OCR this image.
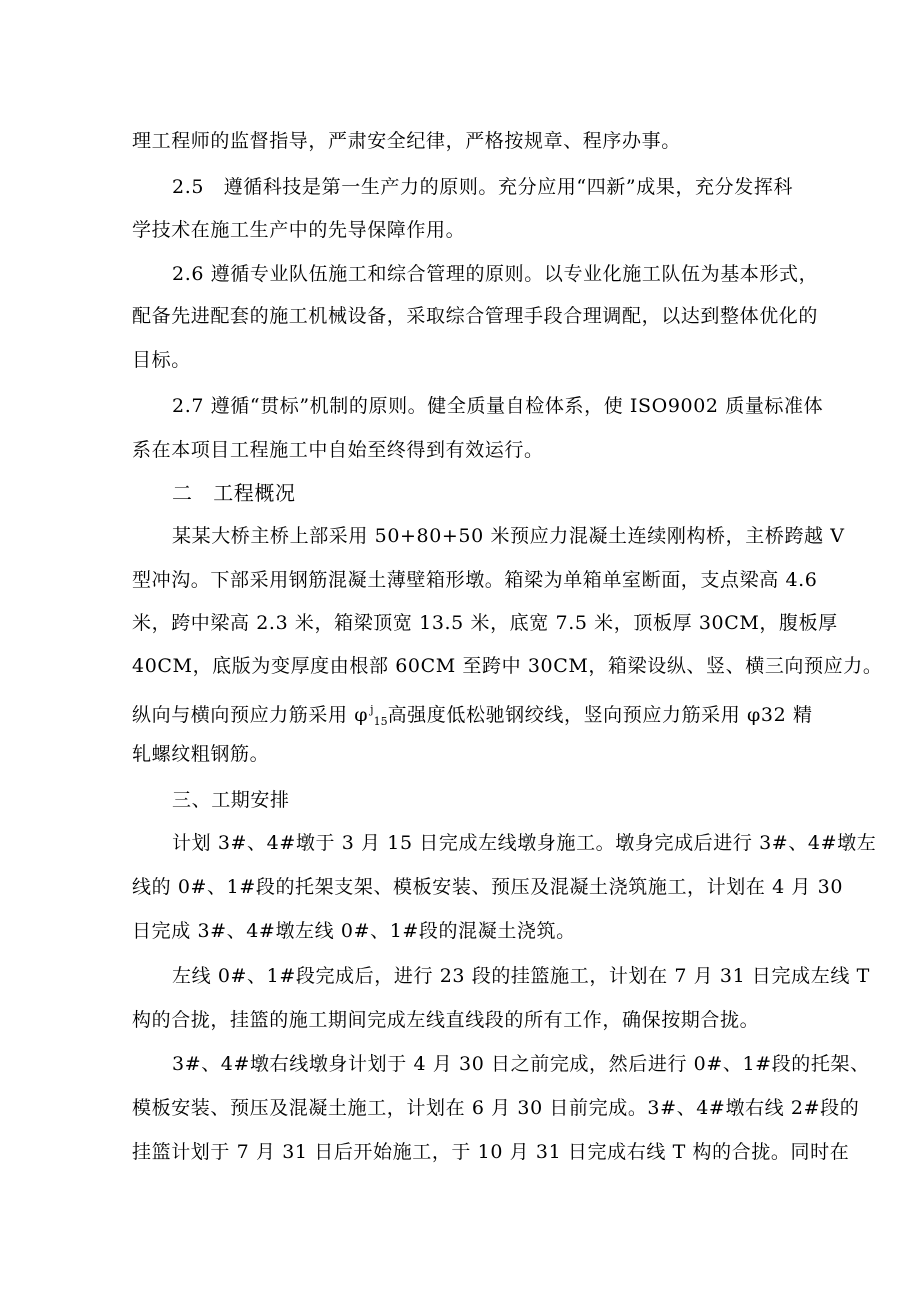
理工程师的监督指导，严肃安全纪律，严格按规章、程序办事。
2.5　遵循科技是第一生产力的原则。充分应用“四新”成果，充分发挥科
学技术在施工生产中的先导保障作用。
2.6 遵循专业队伍施工和综合管理的原则。以专业化施工队伍为基本形式，
配备先进配套的施工机械设备，采取综合管理手段合理调配，以达到整体优化的
目标。
2.7 遵循“贯标”机制的原则。健全质量自检体系，使 ISO9002 质量标准体
系在本项目工程施工中自始至终得到有效运行。
二　工程概况
某某大桥主桥上部采用 50+80+50 米预应力混凝土连续刚构桥，主桥跨越 V
型冲沟。下部采用钢筋混凝土薄壁箱形墩。箱梁为单箱单室断面，支点梁高 4.6
米，跨中梁高 2.3 米，箱梁顶宽 13.5 米，底宽 7.5 米，顶板厚 30CM，腹板厚
40CM，底版为变厚度由根部 60CM 至跨中 30CM，箱梁设纵、竖、横三向预应力。
纵向与横向预应力筋采用 φ $^j_{15}$高强度低松驰钢绞线，竖向预应力筋采用 φ32 精
轧螺纹粗钢筋。
三、工期安排
计划 3#、4#墩于 3 月 15 日完成左线墩身施工。墩身完成后进行 3#、4#墩左
线的 0#、1#段的托架支架、模板安装、预压及混凝土浇筑施工，计划在 4 月 30
日完成 3#、4#墩左线 0#、1#段的混凝土浇筑。
左线 0#、1#段完成后，进行 23 段的挂篮施工，计划在 7 月 31 日完成左线 T
构的合拢，挂篮的施工期间完成左线直线段的所有工作，确保按期合拢。
3#、4#墩右线墩身计划于 4 月 30 日之前完成，然后进行 0#、1#段的托架、
模板安装、预压及混凝土施工，计划在 6 月 30 日前完成。3#、4#墩右线 2#段的
挂篮计划于 7 月 31 日后开始施工，于 10 月 31 日完成右线 T 构的合拢。同时在
